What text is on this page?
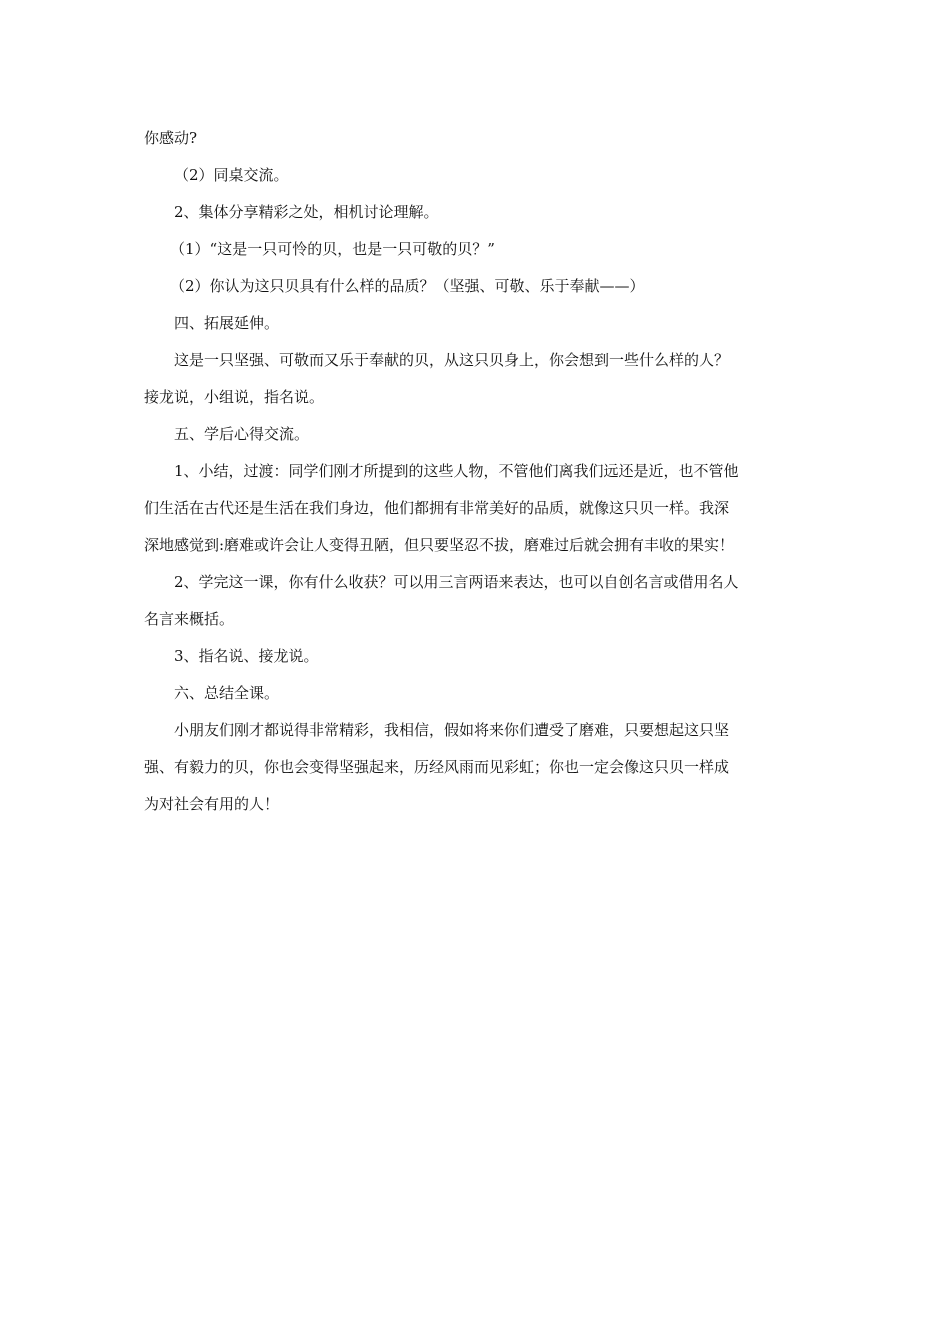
你感动?

（2）同桌交流。

2、集体分享精彩之处，相机讨论理解。

（1）“这是一只可怜的贝，也是一只可敬的贝？”

（2）你认为这只贝具有什么样的品质？（坚强、可敬、乐于奉献——）

四、拓展延伸。

这是一只坚强、可敬而又乐于奉献的贝，从这只贝身上，你会想到一些什么样的人？

接龙说，小组说，指名说。

五、学后心得交流。

1、小结，过渡：同学们刚才所提到的这些人物，不管他们离我们远还是近，也不管他

们生活在古代还是生活在我们身边，他们都拥有非常美好的品质，就像这只贝一样。我深

深地感觉到:磨难或许会让人变得丑陋，但只要坚忍不拔，磨难过后就会拥有丰收的果实！

2、学完这一课，你有什么收获？可以用三言两语来表达，也可以自创名言或借用名人

名言来概括。

3、指名说、接龙说。

六、总结全课。

小朋友们刚才都说得非常精彩，我相信，假如将来你们遭受了磨难，只要想起这只坚

强、有毅力的贝，你也会变得坚强起来，历经风雨而见彩虹；你也一定会像这只贝一样成

为对社会有用的人！
